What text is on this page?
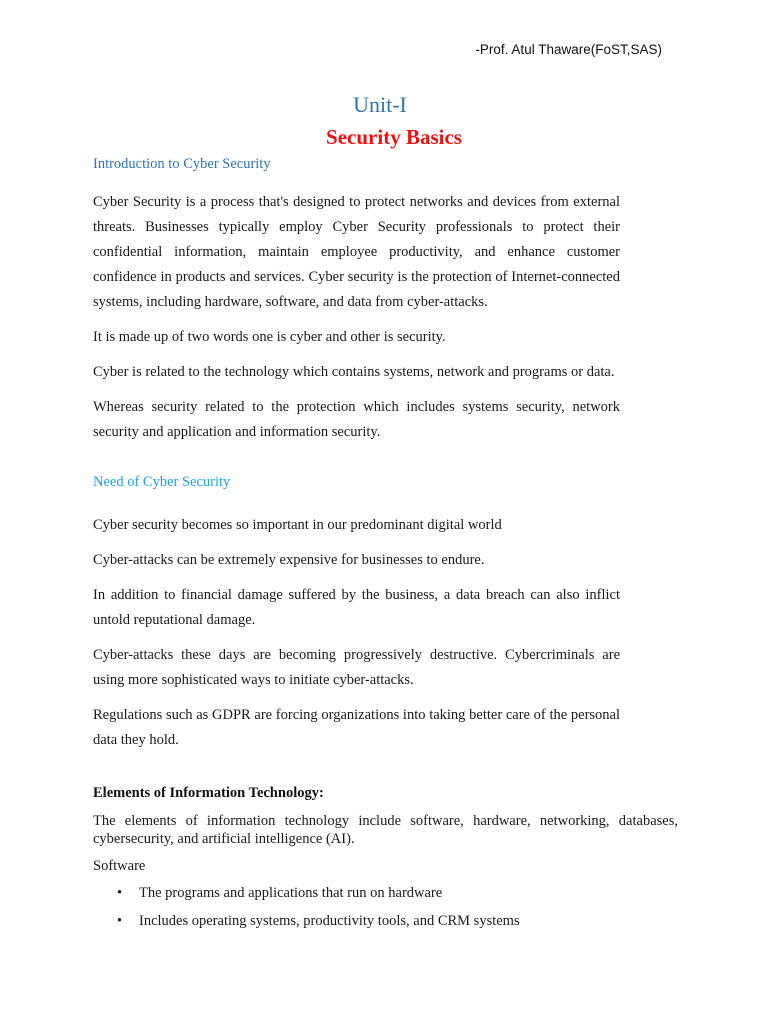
-Prof. Atul Thaware(FoST,SAS)

Unit-I
Security Basics
Introduction to Cyber Security

Cyber Security is a process that's designed to protect networks and devices from external threats. Businesses typically employ Cyber Security professionals to protect their confidential information, maintain employee productivity, and enhance customer confidence in products and services. Cyber security is the protection of Internet-connected systems, including hardware, software, and data from cyber-attacks.

It is made up of two words one is cyber and other is security.

Cyber is related to the technology which contains systems, network and programs or data.

Whereas security related to the protection which includes systems security, network security and application and information security.

Need of Cyber Security

Cyber security becomes so important in our predominant digital world

Cyber-attacks can be extremely expensive for businesses to endure.

In addition to financial damage suffered by the business, a data breach can also inflict untold reputational damage.

Cyber-attacks these days are becoming progressively destructive. Cybercriminals are using more sophisticated ways to initiate cyber-attacks.

Regulations such as GDPR are forcing organizations into taking better care of the personal data they hold.

Elements of Information Technology:

The elements of information technology include software, hardware, networking, databases, cybersecurity, and artificial intelligence (AI).

Software

• The programs and applications that run on hardware
• Includes operating systems, productivity tools, and CRM systems
